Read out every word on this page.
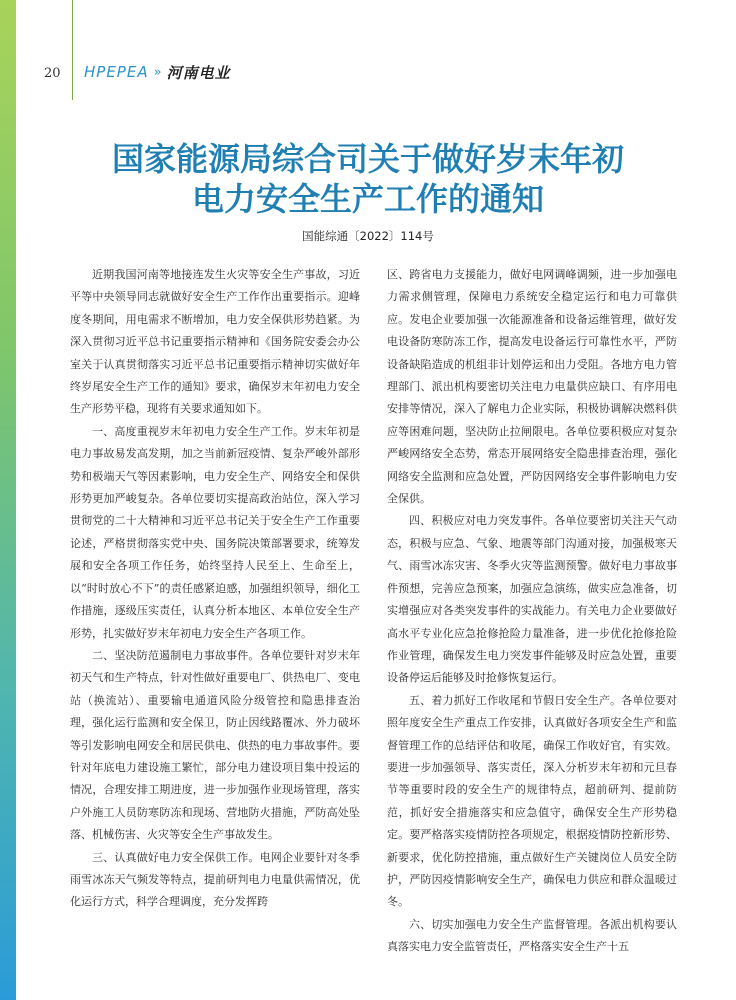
20 HPEPEA » 河南电业
国家能源局综合司关于做好岁末年初
电力安全生产工作的通知
国能综通〔2022〕114号

近期我国河南等地接连发生火灾等安全生产事故，习近平等中央领导同志就做好安全生产工作作出重要指示。迎峰度冬期间，用电需求不断增加，电力安全保供形势趋紧。为深入贯彻习近平总书记重要指示精神和《国务院安委会办公室关于认真贯彻落实习近平总书记重要指示精神切实做好年终岁尾安全生产工作的通知》要求，确保岁末年初电力安全生产形势平稳，现将有关要求通知如下。

一、高度重视岁末年初电力安全生产工作。岁末年初是电力事故易发高发期，加之当前新冠疫情、复杂严峻外部形势和极端天气等因素影响，电力安全生产、网络安全和保供形势更加严峻复杂。各单位要切实提高政治站位，深入学习贯彻党的二十大精神和习近平总书记关于安全生产工作重要论述，严格贯彻落实党中央、国务院决策部署要求，统筹发展和安全各项工作任务，始终坚持人民至上、生命至上，以“时时放心不下”的责任感紧迫感，加强组织领导，细化工作措施，逐级压实责任，认真分析本地区、本单位安全生产形势，扎实做好岁末年初电力安全生产各项工作。

二、坚决防范遏制电力事故事件。各单位要针对岁末年初天气和生产特点，针对性做好重要电厂、供热电厂、变电站（换流站）、重要输电通道风险分级管控和隐患排查治理，强化运行监测和安全保卫，防止因线路覆冰、外力破坏等引发影响电网安全和居民供电、供热的电力事故事件。要针对年底电力建设施工繁忙，部分电力建设项目集中投运的情况，合理安排工期进度，进一步加强作业现场管理，落实户外施工人员防寒防冻和现场、营地防火措施，严防高处坠落、机械伤害、火灾等安全生产事故发生。

三、认真做好电力安全保供工作。电网企业要针对冬季雨雪冰冻天气频发等特点，提前研判电力电量供需情况，优化运行方式，科学合理调度，充分发挥跨

区、跨省电力支援能力，做好电网调峰调频，进一步加强电力需求侧管理，保障电力系统安全稳定运行和电力可靠供应。发电企业要加强一次能源准备和设备运维管理，做好发电设备防寒防冻工作，提高发电设备运行可靠性水平，严防设备缺陷造成的机组非计划停运和出力受阻。各地方电力管理部门、派出机构要密切关注电力电量供应缺口、有序用电安排等情况，深入了解电力企业实际，积极协调解决燃料供应等困难问题，坚决防止拉闸限电。各单位要积极应对复杂严峻网络安全态势，常态开展网络安全隐患排查治理，强化网络安全监测和应急处置，严防因网络安全事件影响电力安全保供。

四、积极应对电力突发事件。各单位要密切关注天气动态，积极与应急、气象、地震等部门沟通对接，加强极寒天气、雨雪冰冻灾害、冬季火灾等监测预警。做好电力事故事件预想，完善应急预案，加强应急演练，做实应急准备，切实增强应对各类突发事件的实战能力。有关电力企业要做好高水平专业化应急抢修抢险力量准备，进一步优化抢修抢险作业管理，确保发生电力突发事件能够及时应急处置，重要设备停运后能够及时抢修恢复运行。

五、着力抓好工作收尾和节假日安全生产。各单位要对照年度安全生产重点工作安排，认真做好各项安全生产和监督管理工作的总结评估和收尾，确保工作收好官，有实效。要进一步加强领导、落实责任，深入分析岁末年初和元旦春节等重要时段的安全生产的规律特点，超前研判、提前防范，抓好安全措施落实和应急值守，确保安全生产形势稳定。要严格落实疫情防控各项规定，根据疫情防控新形势、新要求，优化防控措施，重点做好生产关键岗位人员安全防护，严防因疫情影响安全生产，确保电力供应和群众温暖过冬。

六、切实加强电力安全生产监督管理。各派出机构要认真落实电力安全监管责任，严格落实安全生产十五
